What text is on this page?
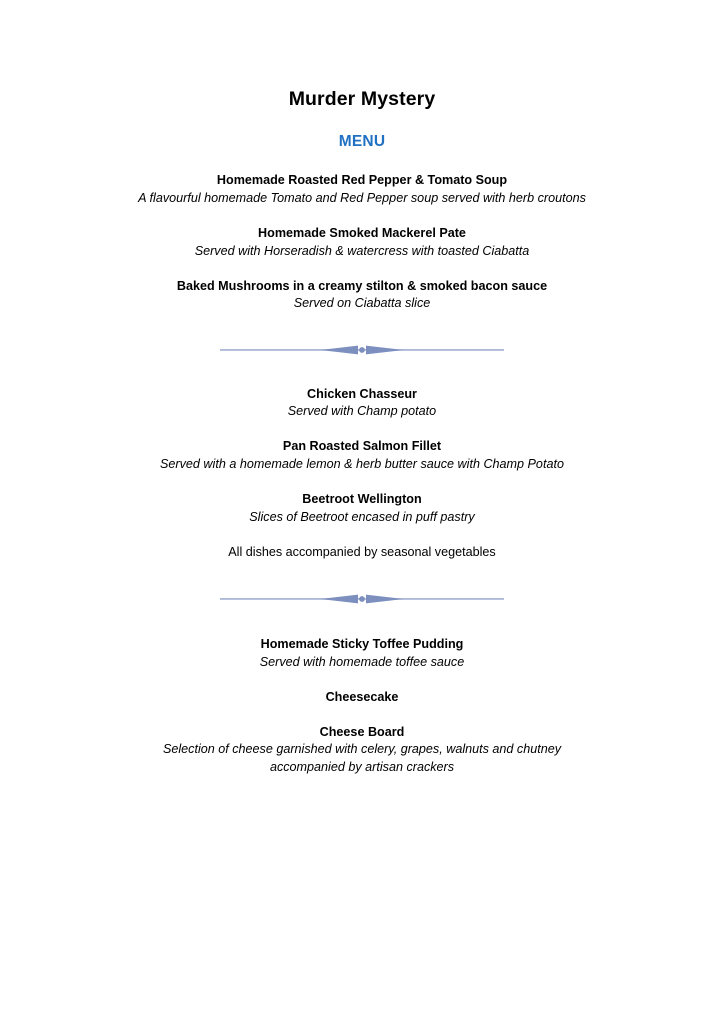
Murder Mystery
MENU
Homemade Roasted Red Pepper & Tomato Soup
A flavourful homemade Tomato and Red Pepper soup served with herb croutons
Homemade Smoked Mackerel Pate
Served with Horseradish & watercress with toasted Ciabatta
Baked Mushrooms in a creamy stilton & smoked bacon sauce
Served on Ciabatta slice
Chicken Chasseur
Served with Champ potato
Pan Roasted Salmon Fillet
Served with a homemade lemon & herb butter sauce with Champ Potato
Beetroot Wellington
Slices of Beetroot encased in puff pastry
All dishes accompanied by seasonal vegetables
Homemade Sticky Toffee Pudding
Served with homemade toffee sauce
Cheesecake
Cheese Board
Selection of cheese garnished with celery, grapes, walnuts and chutney accompanied by artisan crackers
